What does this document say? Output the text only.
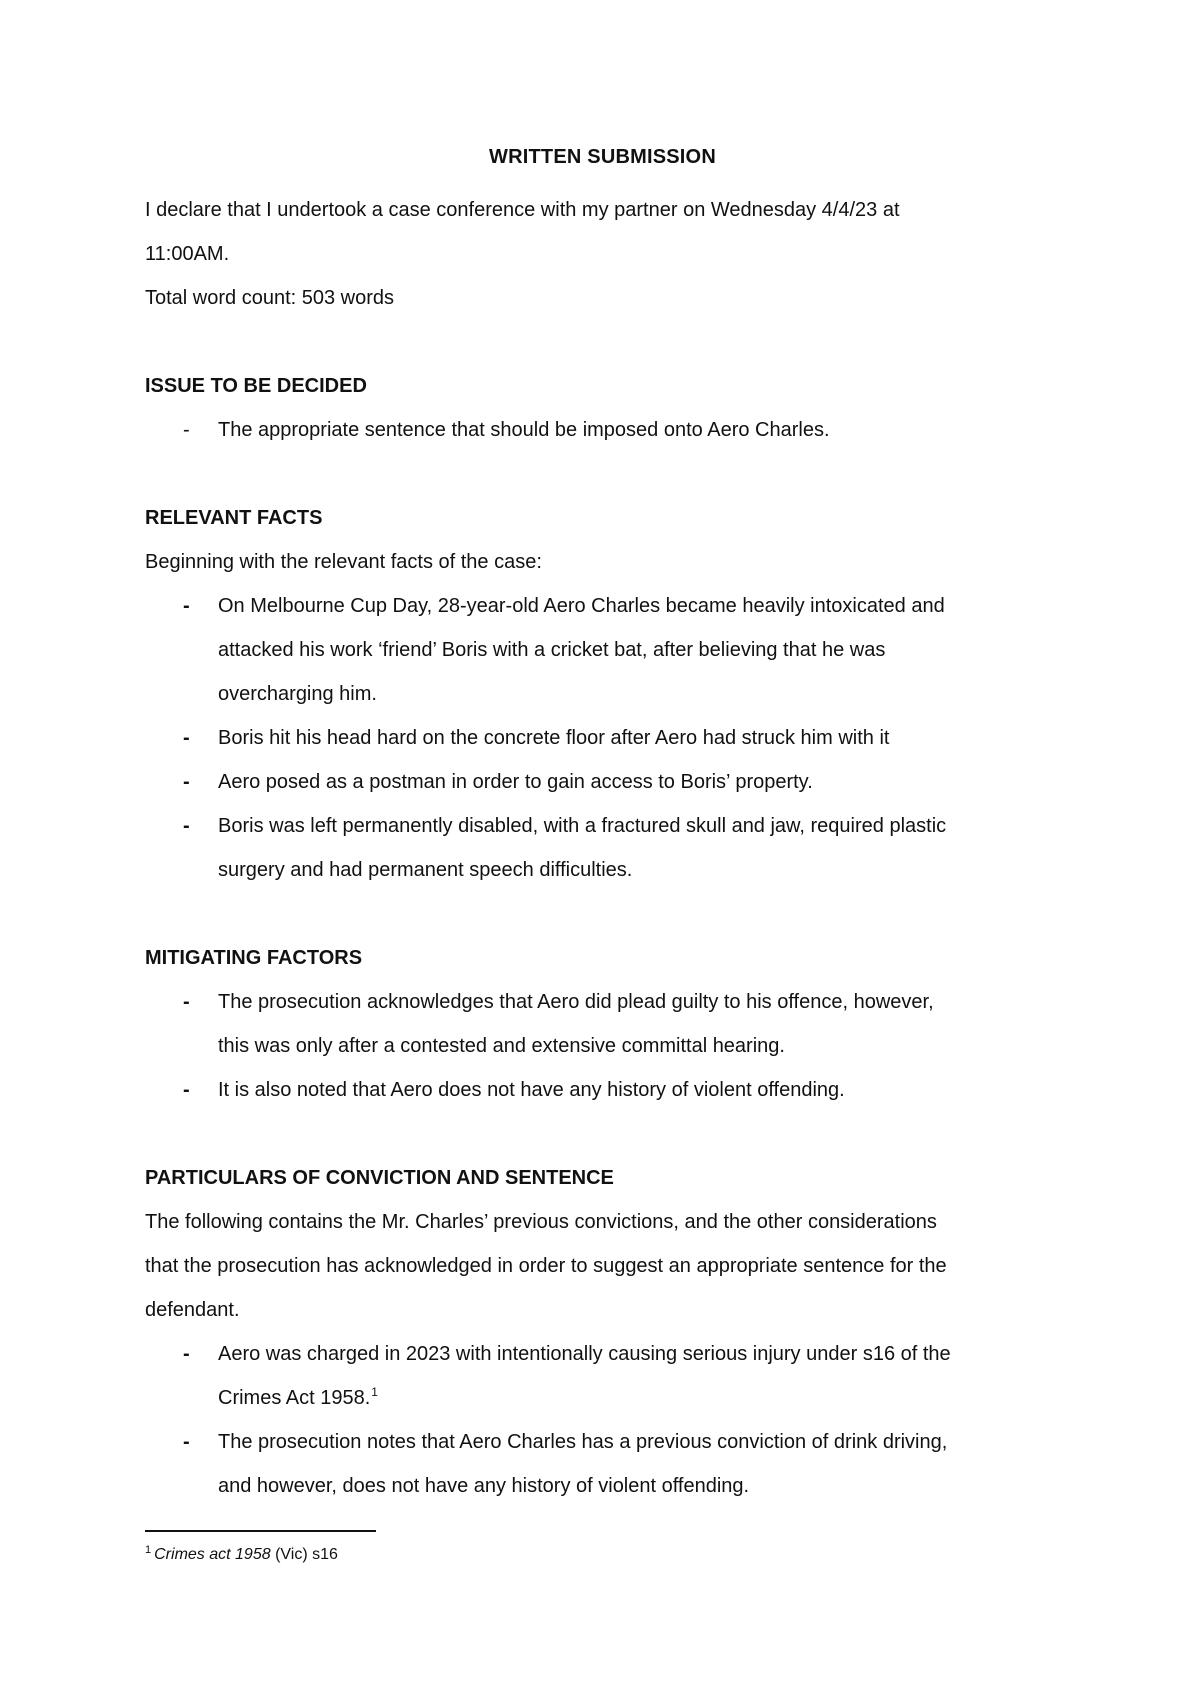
WRITTEN SUBMISSION

I declare that I undertook a case conference with my partner on Wednesday 4/4/23 at

11:00AM.

Total word count: 503 words

ISSUE TO BE DECIDED

- The appropriate sentence that should be imposed onto Aero Charles.

RELEVANT FACTS

Beginning with the relevant facts of the case:

- On Melbourne Cup Day, 28-year-old Aero Charles became heavily intoxicated and
attacked his work ‘friend’ Boris with a cricket bat, after believing that he was
overcharging him.
- Boris hit his head hard on the concrete floor after Aero had struck him with it
- Aero posed as a postman in order to gain access to Boris’ property.
- Boris was left permanently disabled, with a fractured skull and jaw, required plastic
surgery and had permanent speech difficulties.

MITIGATING FACTORS

- The prosecution acknowledges that Aero did plead guilty to his offence, however,
this was only after a contested and extensive committal hearing.
- It is also noted that Aero does not have any history of violent offending.

PARTICULARS OF CONVICTION AND SENTENCE

The following contains the Mr. Charles’ previous convictions, and the other considerations

that the prosecution has acknowledged in order to suggest an appropriate sentence for the

defendant.

- Aero was charged in 2023 with intentionally causing serious injury under s16 of the
Crimes Act 1958.$^1$
- The prosecution notes that Aero Charles has a previous conviction of drink driving,
and however, does not have any history of violent offending.
$^1$ Crimes act 1958 (Vic) s16
